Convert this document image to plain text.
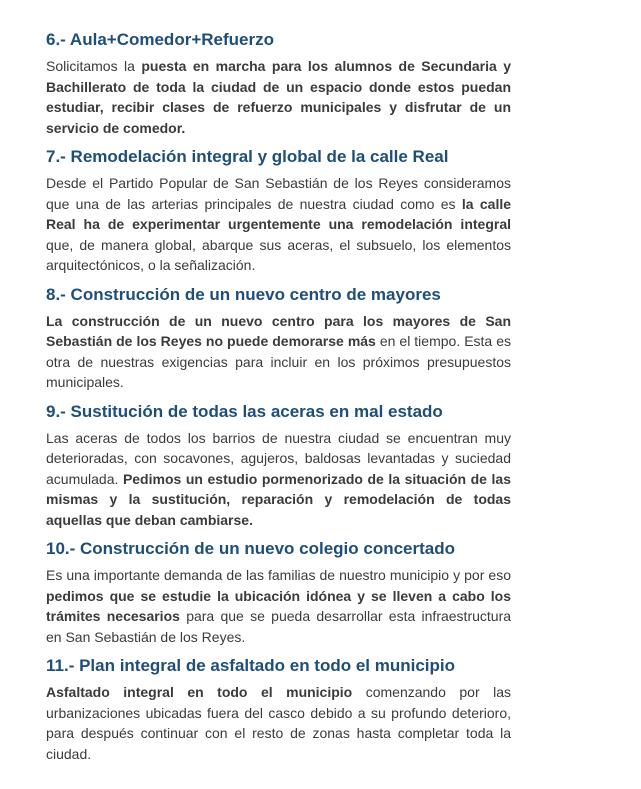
6.- Aula+Comedor+Refuerzo

Solicitamos la puesta en marcha para los alumnos de Secundaria y Bachillerato de toda la ciudad de un espacio donde estos puedan estudiar, recibir clases de refuerzo municipales y disfrutar de un servicio de comedor.

7.- Remodelación integral y global de la calle Real

Desde el Partido Popular de San Sebastián de los Reyes consideramos que una de las arterias principales de nuestra ciudad como es la calle Real ha de experimentar urgentemente una remodelación integral que, de manera global, abarque sus aceras, el subsuelo, los elementos arquitectónicos, o la señalización.

8.- Construcción de un nuevo centro de mayores

La construcción de un nuevo centro para los mayores de San Sebastián de los Reyes no puede demorarse más en el tiempo. Esta es otra de nuestras exigencias para incluir en los próximos presupuestos municipales.

9.- Sustitución de todas las aceras en mal estado

Las aceras de todos los barrios de nuestra ciudad se encuentran muy deterioradas, con socavones, agujeros, baldosas levantadas y suciedad acumulada. Pedimos un estudio pormenorizado de la situación de las mismas y la sustitución, reparación y remodelación de todas aquellas que deban cambiarse.

10.- Construcción de un nuevo colegio concertado

Es una importante demanda de las familias de nuestro municipio y por eso pedimos que se estudie la ubicación idónea y se lleven a cabo los trámites necesarios para que se pueda desarrollar esta infraestructura en San Sebastián de los Reyes.

11.- Plan integral de asfaltado en todo el municipio

Asfaltado integral en todo el municipio comenzando por las urbanizaciones ubicadas fuera del casco debido a su profundo deterioro, para después continuar con el resto de zonas hasta completar toda la ciudad.
